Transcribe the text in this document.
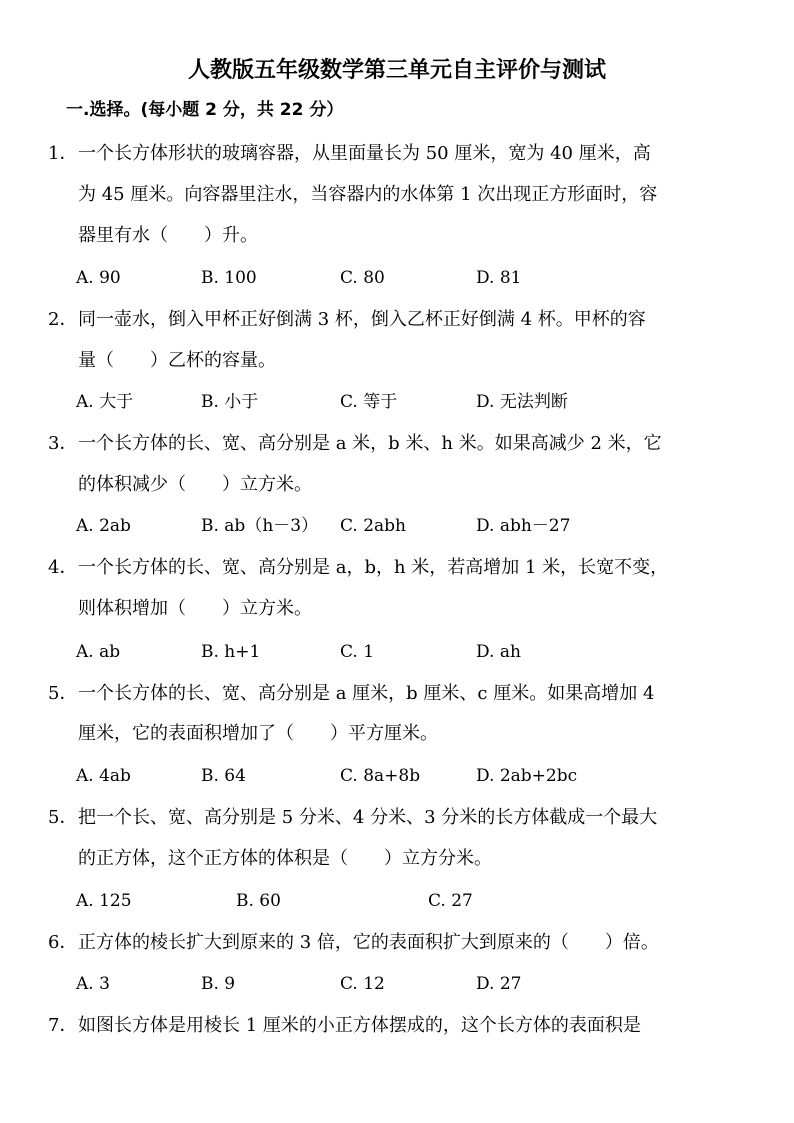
人教版五年级数学第三单元自主评价与测试
一.选择。(每小题 2 分，共 22 分）
1． 一个长方体形状的玻璃容器，从里面量长为 50 厘米，宽为 40 厘米，高
为 45 厘米。向容器里注水，当容器内的水体第 1 次出现正方形面时，容
器里有水（　　）升。
A. 90	B. 100	C. 80	D. 81
2． 同一壶水，倒入甲杯正好倒满 3 杯，倒入乙杯正好倒满 4 杯。甲杯的容
量（　　）乙杯的容量。
A. 大于	B. 小于	C. 等于	D. 无法判断
3． 一个长方体的长、宽、高分别是 a 米，b 米、h 米。如果高减少 2 米，它
的体积减少（　　）立方米。
A. 2ab	B. ab（h－3） C. 2abh	D. abh－27
4． 一个长方体的长、宽、高分别是 a，b，h 米，若高增加 1 米，长宽不变，
则体积增加（　　）立方米。
A. ab	B. h+1	C. 1	D. ah
5． 一个长方体的长、宽、高分别是 a 厘米，b 厘米、c 厘米。如果高增加 4
厘米，它的表面积增加了（　　）平方厘米。
A. 4ab	B. 64	C. 8a+8b	D. 2ab+2bc
5． 把一个长、宽、高分别是 5 分米、4 分米、3 分米的长方体截成一个最大
的正方体，这个正方体的体积是（　　）立方分米。
A. 125	B. 60	C. 27
6． 正方体的棱长扩大到原来的 3 倍，它的表面积扩大到原来的（　　）倍。
A. 3	B. 9	C. 12	D. 27
7． 如图长方体是用棱长 1 厘米的小正方体摆成的，这个长方体的表面积是
